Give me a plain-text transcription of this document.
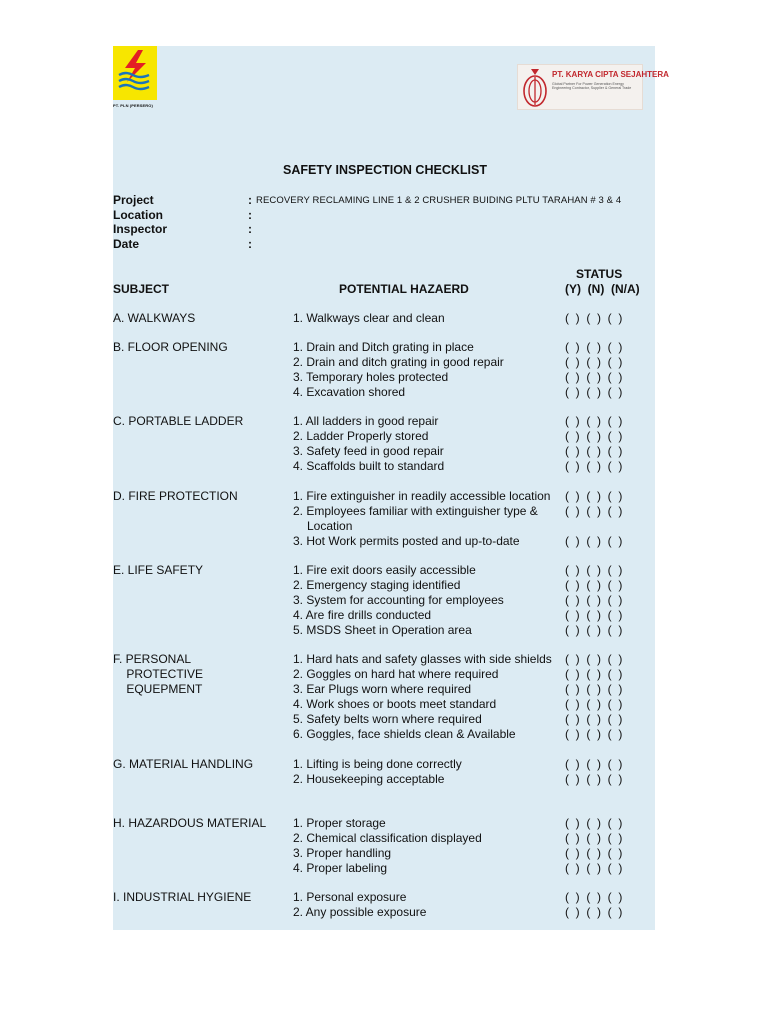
PT. PLN (PERSERO)
PT. KARYA CIPTA SEJAHTERA
Global Partner For Power Generation Energy Engineering Contractor, Supplier & General Trade
SAFETY INSPECTION CHECKLIST
Project	: RECOVERY RECLAMING LINE 1 & 2 CRUSHER BUIDING PLTU TARAHAN # 3 & 4
Location	:
Inspector	:
Date	:
SUBJECT	POTENTIAL HAZAERD
STATUS
(Y)  (N)  (N/A)
A. WALKWAYS	1. Walkways clear and clean	(  )  (  )  (  )
B. FLOOR OPENING	1. Drain and Ditch grating in place	(  )  (  )  (  )
2. Drain and ditch grating in good repair	(  )  (  )  (  )
3. Temporary holes protected	(  )  (  )  (  )
4. Excavation shored	(  )  (  )  (  )
C. PORTABLE LADDER	1. All ladders in good repair	(  )  (  )  (  )
2. Ladder Properly stored	(  )  (  )  (  )
3. Safety feed in good repair	(  )  (  )  (  )
4. Scaffolds built to standard	(  )  (  )  (  )
D. FIRE PROTECTION	1. Fire extinguisher in readily accessible location (  )  (  )  (  )
2. Employees familiar with extinguisher type & (  )  (  )  (  )
Location
3. Hot Work permits posted and up-to-date	(  )  (  )  (  )
E. LIFE SAFETY	1. Fire exit doors easily accessible	(  )  (  )  (  )
2. Emergency staging identified	(  )  (  )  (  )
3. System for accounting for employees	(  )  (  )  (  )
4. Are fire drills conducted	(  )  (  )  (  )
5. MSDS Sheet in Operation area	(  )  (  )  (  )
F. PERSONAL
PROTECTIVE
EQUEPMENT
1. Hard hats and safety glasses with side shields (  )  (  )  (  )
2. Goggles on hard hat where required	(  )  (  )  (  )
3. Ear Plugs worn where required	(  )  (  )  (  )
4. Work shoes or boots meet standard	(  )  (  )  (  )
5. Safety belts worn where required	(  )  (  )  (  )
6. Goggles, face shields clean & Available	(  )  (  )  (  )
G. MATERIAL HANDLING	1. Lifting is being done correctly	(  )  (  )  (  )
2. Housekeeping acceptable	(  )  (  )  (  )
H. HAZARDOUS MATERIAL 1. Proper storage	(  )  (  )  (  )
2. Chemical classification displayed	(  )  (  )  (  )
3. Proper handling	(  )  (  )  (  )
4. Proper labeling	(  )  (  )  (  )
I. INDUSTRIAL HYGIENE	1. Personal exposure	(  )  (  )  (  )
2. Any possible exposure	(  )  (  )  (  )
